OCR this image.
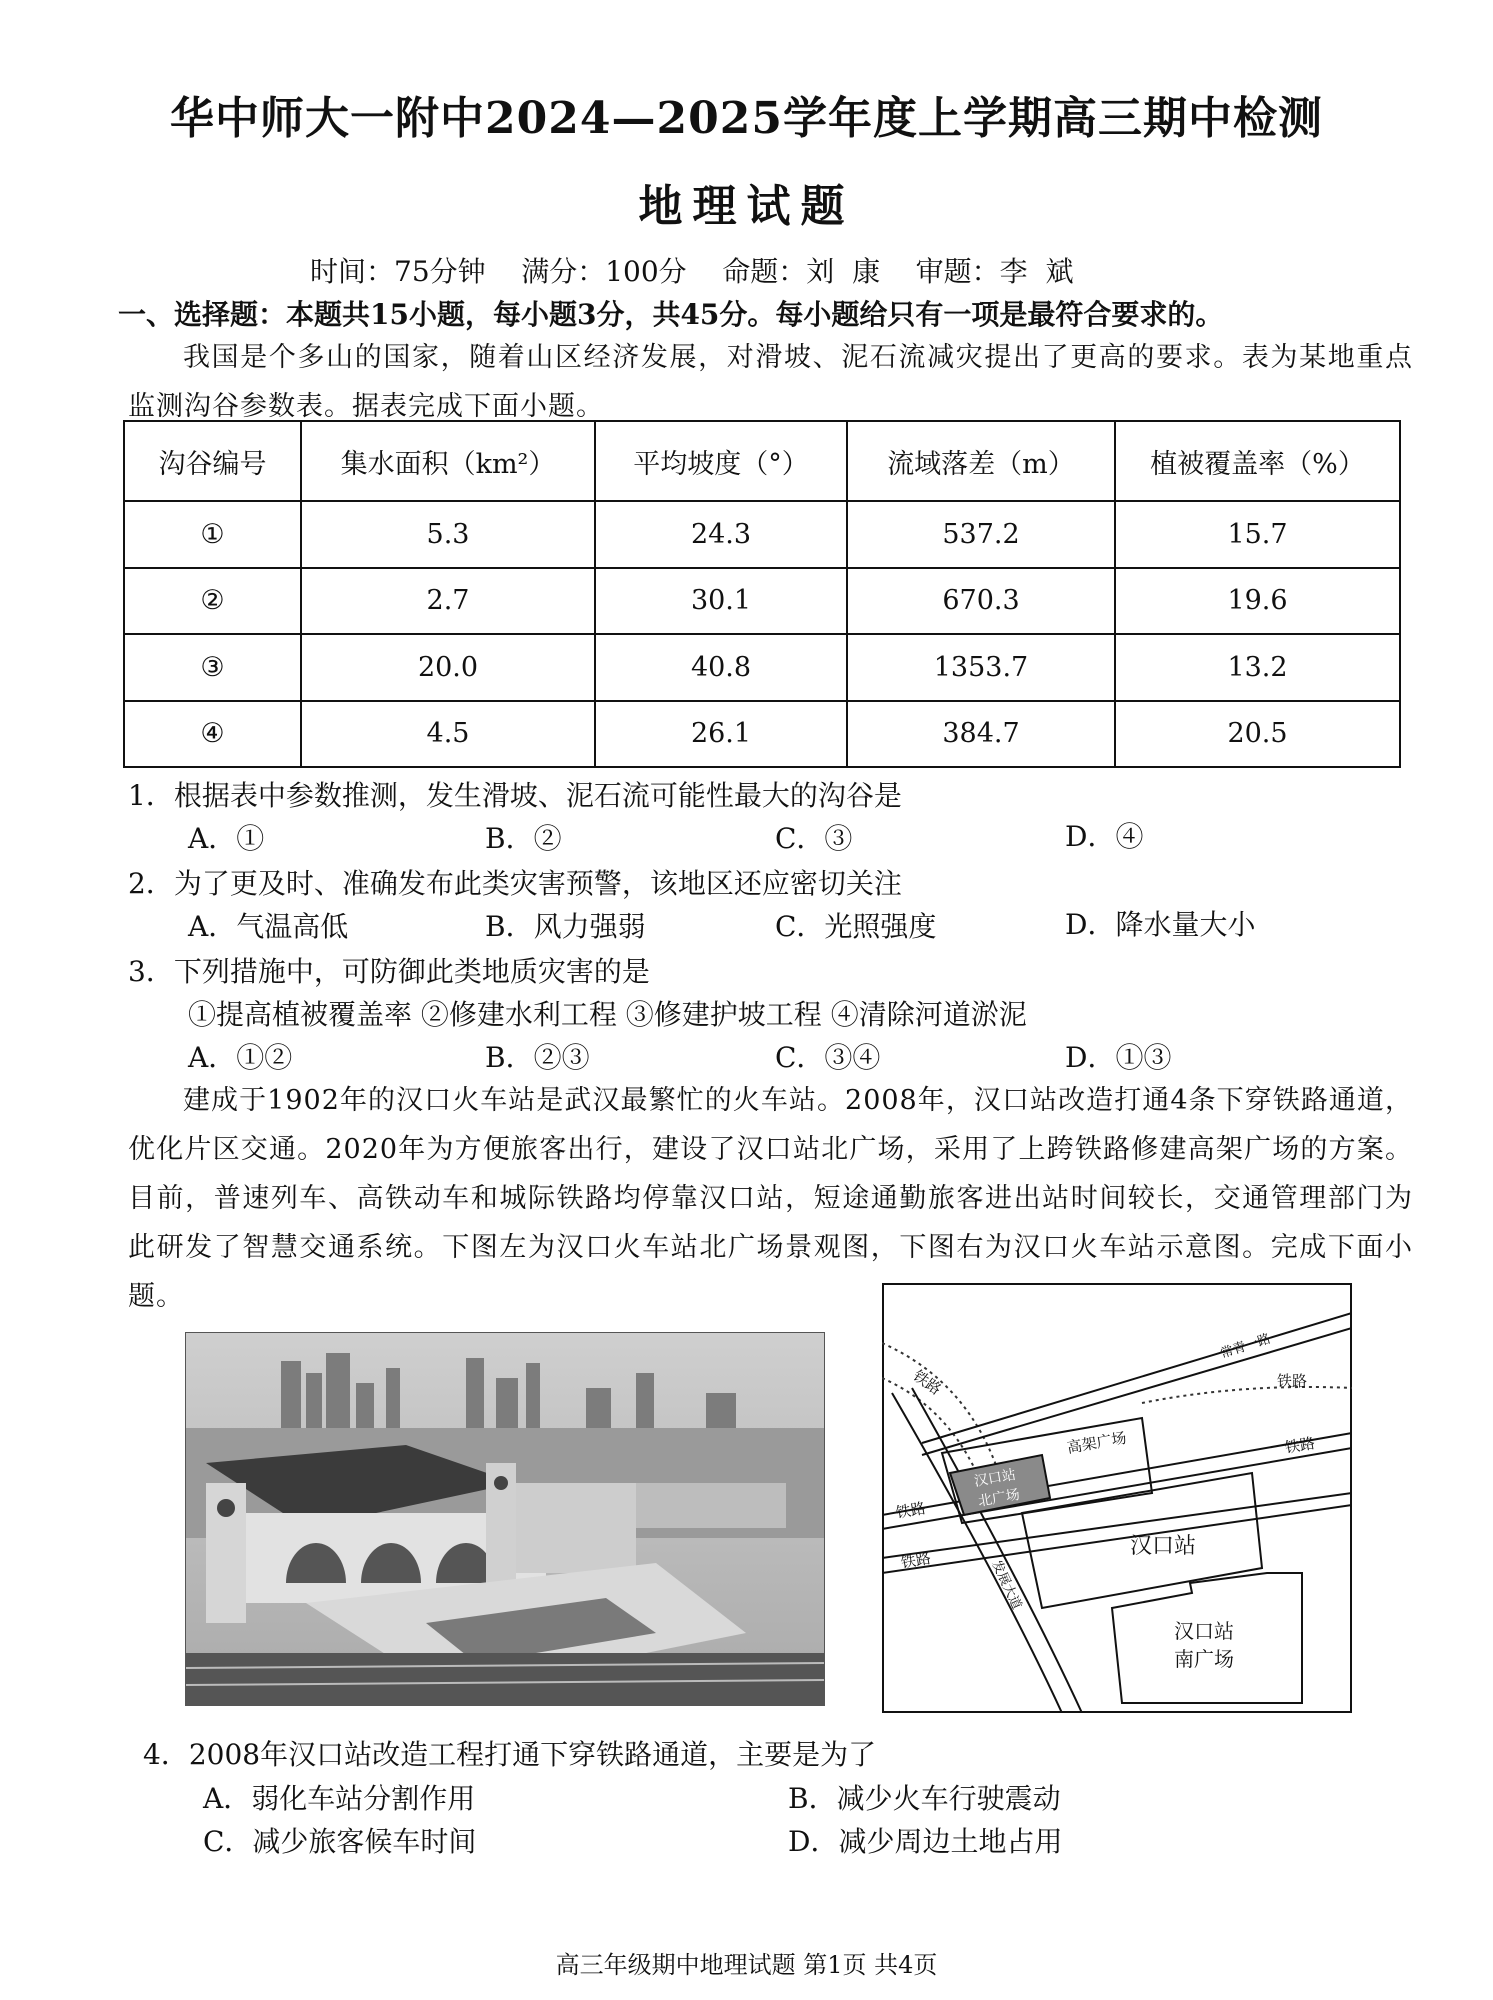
华中师大一附中2024—2025学年度上学期高三期中检测
地理试题
时间：75分钟    满分：100分    命题：刘  康    审题：李  斌
一、选择题：本题共15小题，每小题3分，共45分。每小题给只有一项是最符合要求的。
我国是个多山的国家，随着山区经济发展，对滑坡、泥石流减灾提出了更高的要求。表为某地重点监测沟谷参数表。据表完成下面小题。
沟谷编号	集水面积（km²）	平均坡度（°）	流域落差（m）	植被覆盖率（%）
①	5.3	24.3	537.2	15.7
②	2.7	30.1	670.3	19.6
③	20.0	40.8	1353.7	13.2
④	4.5	26.1	384.7	20.5
1．根据表中参数推测，发生滑坡、泥石流可能性最大的沟谷是
A．①	B．②	C．③	D．④
2．为了更及时、准确发布此类灾害预警，该地区还应密切关注
A．气温高低	B．风力强弱	C．光照强度	D．降水量大小
3．下列措施中，可防御此类地质灾害的是
①提高植被覆盖率 ②修建水利工程 ③修建护坡工程 ④清除河道淤泥
A．①②	B．②③	C．③④	D．①③
建成于1902年的汉口火车站是武汉最繁忙的火车站。2008年，汉口站改造打通4条下穿铁路通道，优化片区交通。2020年为方便旅客出行，建设了汉口站北广场，采用了上跨铁路修建高架广场的方案。目前，普速列车、高铁动车和城际铁路均停靠汉口站，短途通勤旅客进出站时间较长，交通管理部门为此研发了智慧交通系统。下图左为汉口火车站北广场景观图，下图右为汉口火车站示意图。完成下面小题。
铁路
常青一路
铁路
铁路
铁路
铁路	发展大道
高架广场
汉口站
北广场
汉口站
汉口站
南广场
4．2008年汉口站改造工程打通下穿铁路通道，主要是为了
A．弱化车站分割作用	B．减少火车行驶震动
C．减少旅客候车时间	D．减少周边土地占用
高三年级期中地理试题 第1页 共4页
